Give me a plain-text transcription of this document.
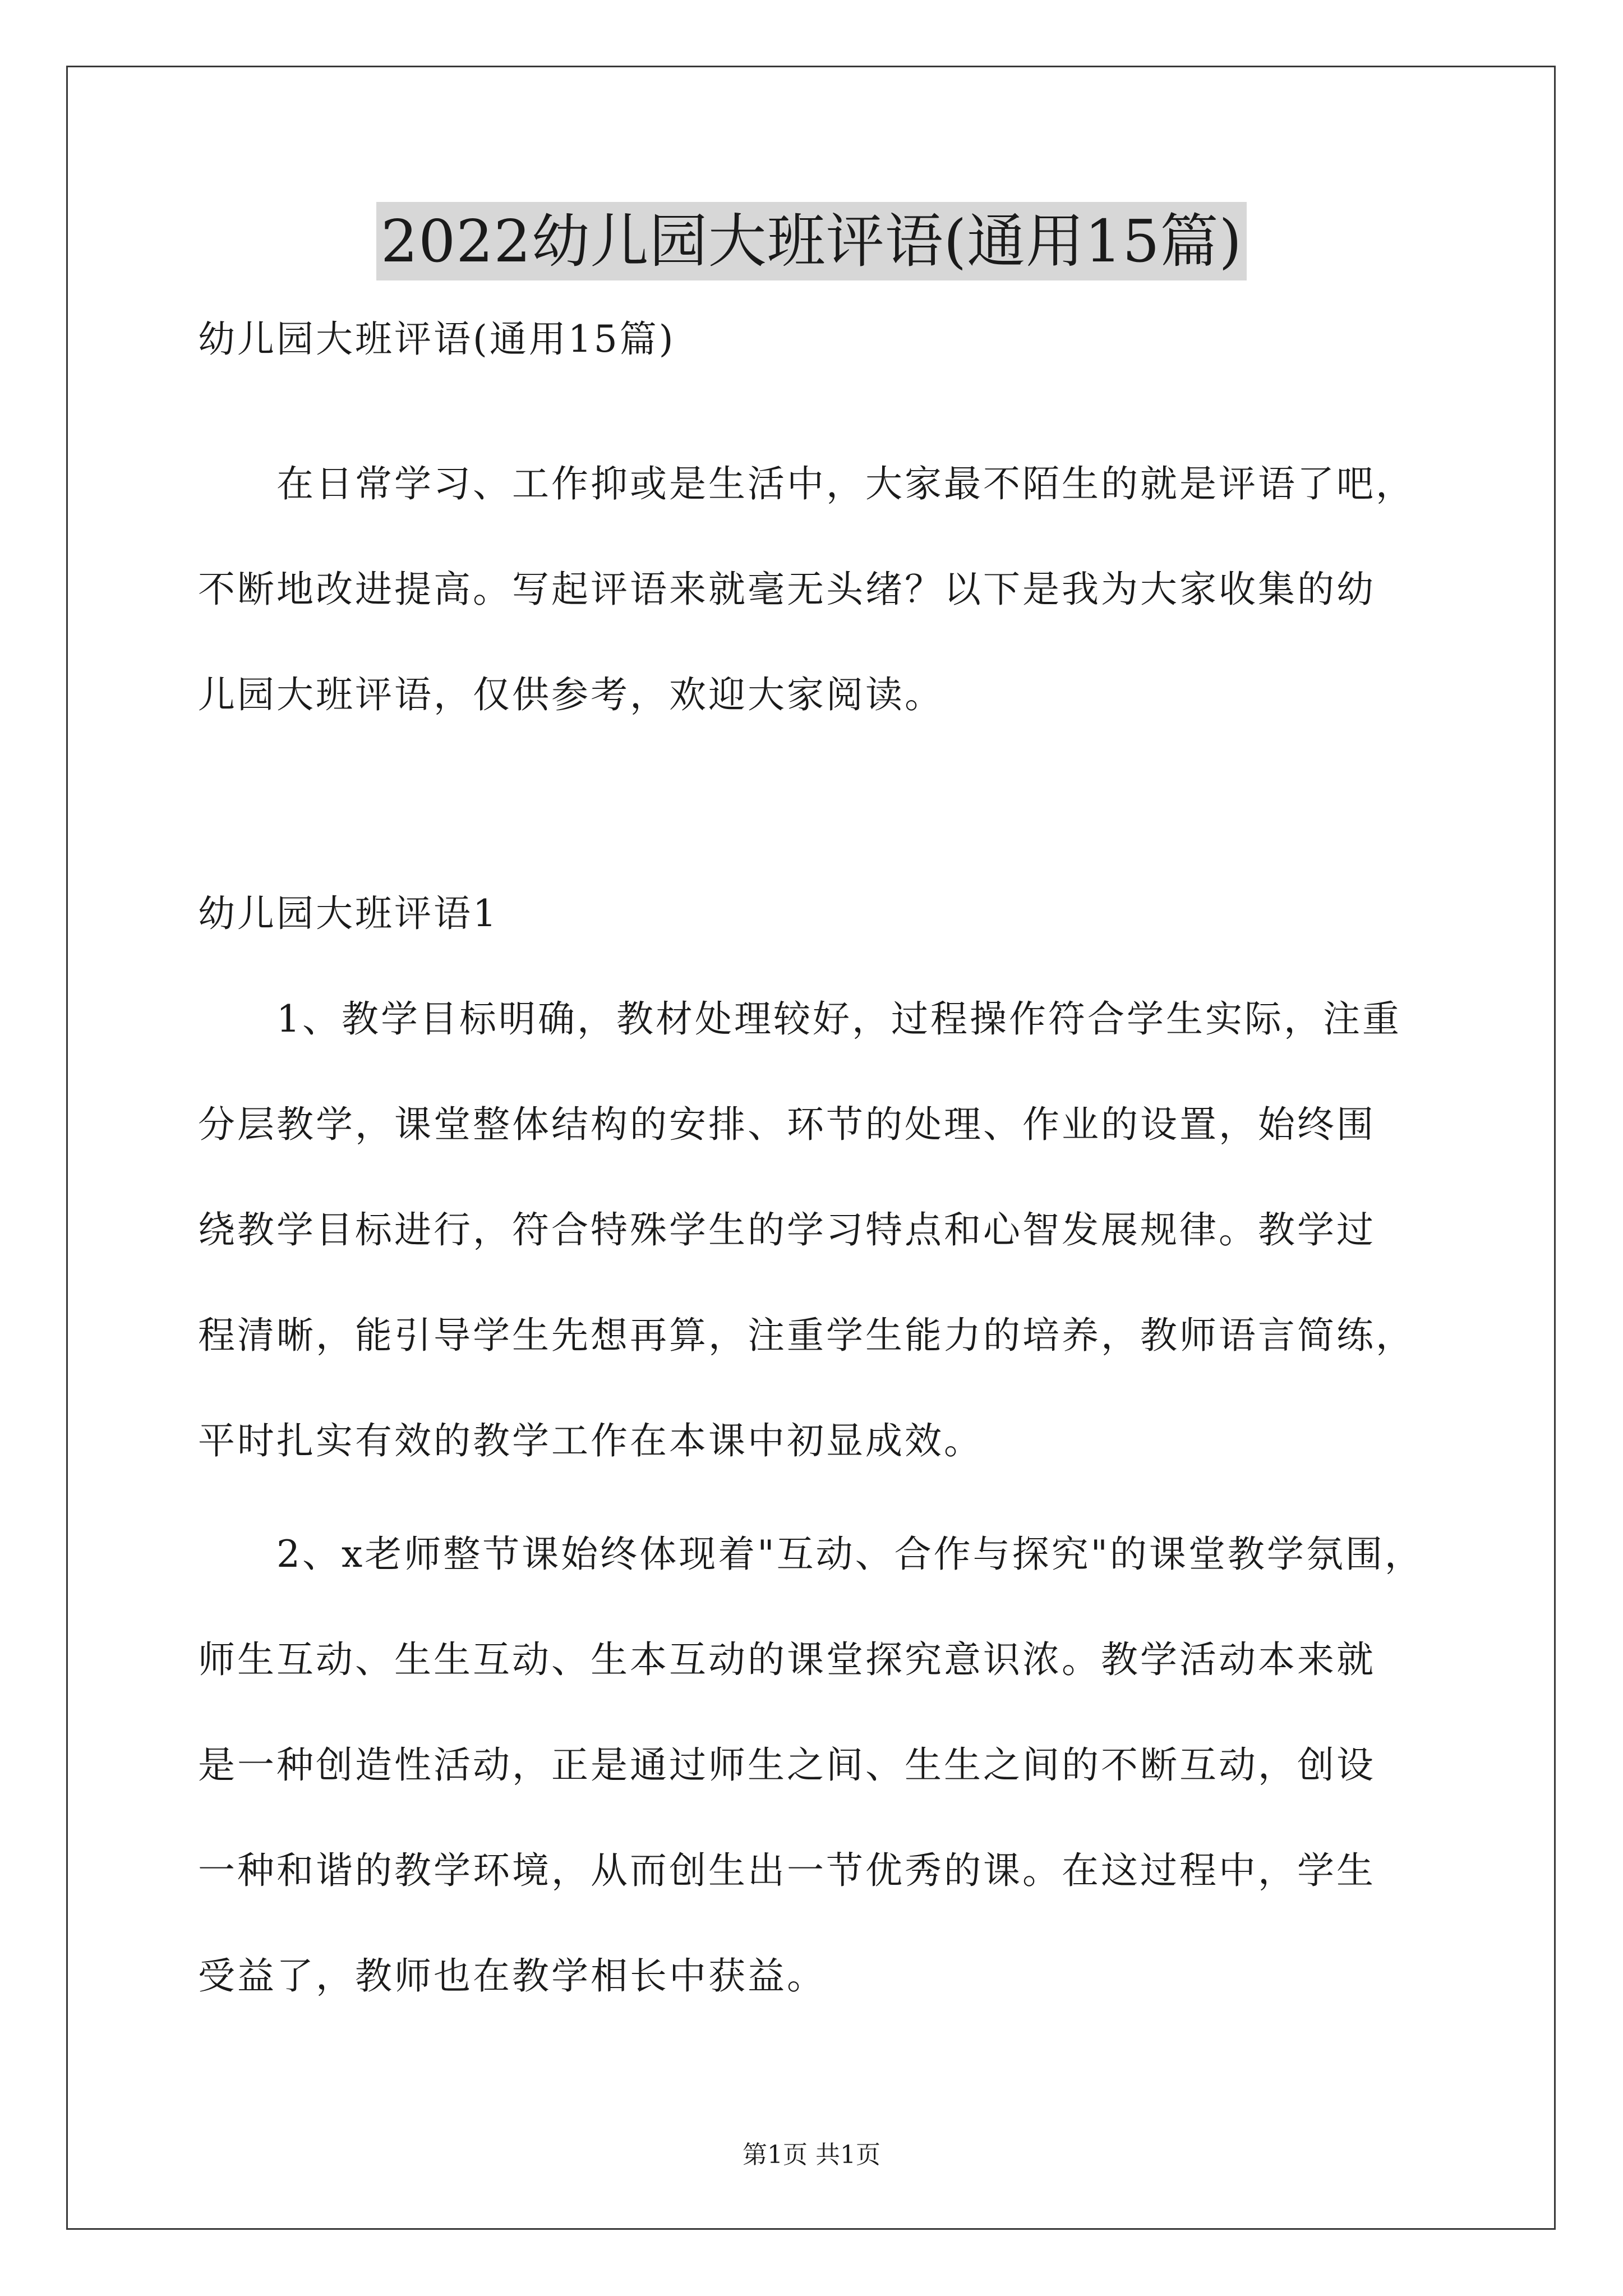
2022幼儿园大班评语(通用15篇)
幼儿园大班评语(通用15篇)
在日常学习、工作抑或是生活中，大家最不陌生的就是评语了吧，
不断地改进提高。写起评语来就毫无头绪？以下是我为大家收集的幼
儿园大班评语，仅供参考，欢迎大家阅读。
幼儿园大班评语1
1、教学目标明确，教材处理较好，过程操作符合学生实际，注重
分层教学，课堂整体结构的安排、环节的处理、作业的设置，始终围
绕教学目标进行，符合特殊学生的学习特点和心智发展规律。教学过
程清晰，能引导学生先想再算，注重学生能力的培养，教师语言简练，
平时扎实有效的教学工作在本课中初显成效。
2、x老师整节课始终体现着"互动、合作与探究"的课堂教学氛围，
师生互动、生生互动、生本互动的课堂探究意识浓。教学活动本来就
是一种创造性活动，正是通过师生之间、生生之间的不断互动，创设
一种和谐的教学环境，从而创生出一节优秀的课。在这过程中，学生
受益了，教师也在教学相长中获益。
第1页 共1页
